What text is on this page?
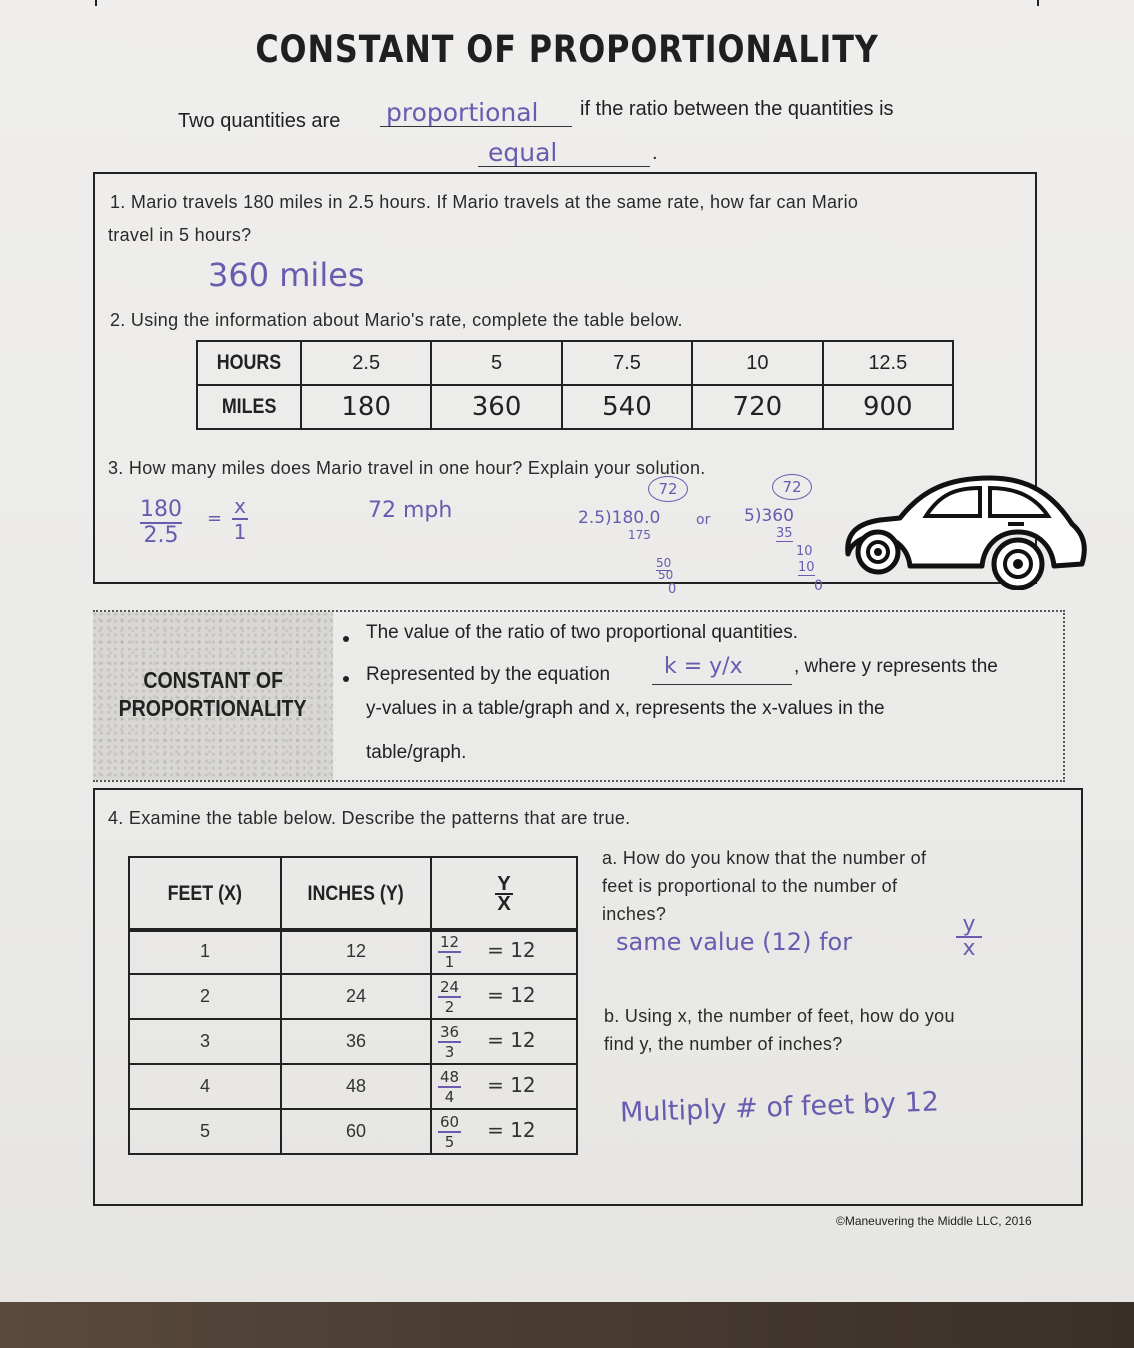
CONSTANT OF PROPORTIONALITY
Two quantities are proportional if the ratio between the quantities is
equal	.
1. Mario travels 180 miles in 2.5 hours. If Mario travels at the same rate, how far can Mario
travel in 5 hours?
360 miles
2. Using the information about Mario's rate, complete the table below.
HOURS	2.5	5	7.5	10	12.5
MILES	180	360	540	720	900
3. How many miles does Mario travel in one hour? Explain your solution.
$\frac{180}{2.5}$ =
x
1
72 mph
72
2.5)180.0
175
50
50
0
or
72
5)360
35
10
10
0
CONSTANT OF
PROPORTIONALITY
The value of the ratio of two proportional quantities.
Represented by the equation k = y/x	, where y represents the
y-values in a table/graph and x, represents the x-values in the
table/graph.
4. Examine the table below. Describe the patterns that are true.
FEET (X)	INCHES (Y)	$\frac{Y}{X}$
1	12	$\frac{12}{1} = 12$
2	24	$\frac{24}{2} = 12$
3	36	$\frac{36}{3} = 12$
4	48	$\frac{48}{4} = 12$
5	60	$\frac{60}{5} = 12$
a. How do you know that the number of
feet is proportional to the number of
inches?
same value (12) for
y
x
b. Using x, the number of feet, how do you
find y, the number of inches?
Multiply # of feet by 12
©Maneuvering the Middle LLC, 2016
